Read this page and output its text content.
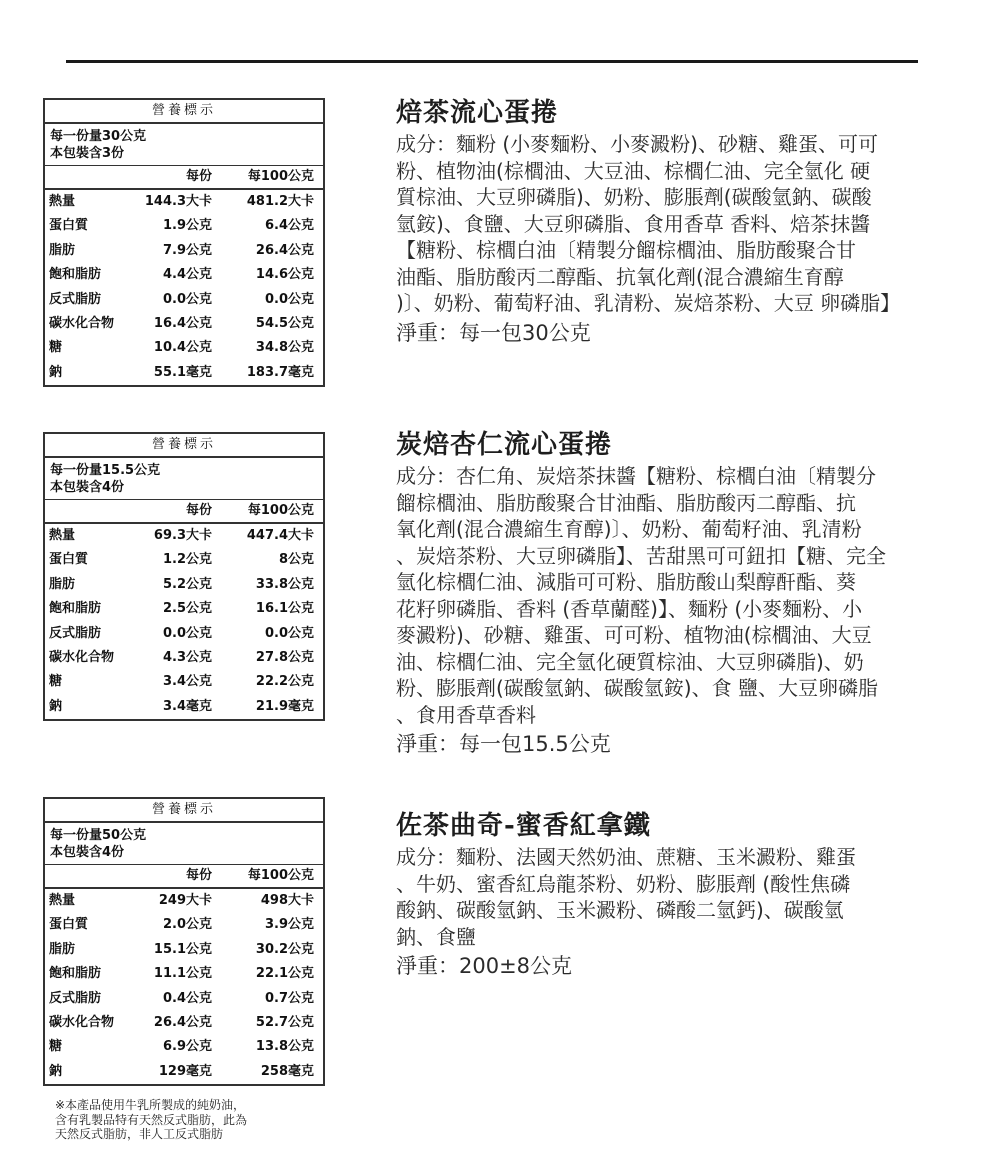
營養標示
每一份量30公克
本包裝含3份
每份	每100公克
熱量	144.3大卡	481.2大卡
蛋白質	1.9公克	6.4公克
脂肪	7.9公克	26.4公克
飽和脂肪	4.4公克	14.6公克
反式脂肪	0.0公克	0.0公克
碳水化合物	16.4公克	54.5公克
糖	10.4公克	34.8公克
鈉	55.1毫克	183.7毫克
營養標示
每一份量15.5公克
本包裝含4份
每份	每100公克
熱量	69.3大卡	447.4大卡
蛋白質	1.2公克	8公克
脂肪	5.2公克	33.8公克
飽和脂肪	2.5公克	16.1公克
反式脂肪	0.0公克	0.0公克
碳水化合物	4.3公克	27.8公克
糖	3.4公克	22.2公克
鈉	3.4毫克	21.9毫克
營養標示
每一份量50公克
本包裝含4份
每份	每100公克
熱量	249大卡	498大卡
蛋白質	2.0公克	3.9公克
脂肪	15.1公克	30.2公克
飽和脂肪	11.1公克	22.1公克
反式脂肪	0.4公克	0.7公克
碳水化合物	26.4公克	52.7公克
糖	6.9公克	13.8公克
鈉	129毫克	258毫克
焙茶流心蛋捲
成分：麵粉 (小麥麵粉、小麥澱粉)、砂糖、雞蛋、可可
粉、植物油(棕櫚油、大豆油、棕櫚仁油、完全氫化 硬
質棕油、大豆卵磷脂)、奶粉、膨脹劑(碳酸氫鈉、碳酸
氫銨)、食鹽、大豆卵磷脂、食用香草 香料、焙茶抹醬
【糖粉、棕櫚白油〔精製分餾棕櫚油、脂肪酸聚合甘
油酯、脂肪酸丙二醇酯、抗氧化劑(混合濃縮生育醇
)〕、奶粉、葡萄籽油、乳清粉、炭焙茶粉、大豆 卵磷脂】
淨重：每一包30公克
炭焙杏仁流心蛋捲
成分：杏仁角、炭焙茶抹醬【糖粉、棕櫚白油〔精製分
餾棕櫚油、脂肪酸聚合甘油酯、脂肪酸丙二醇酯、抗
氧化劑(混合濃縮生育醇)〕、奶粉、葡萄籽油、乳清粉
、炭焙茶粉、大豆卵磷脂】、苦甜黑可可鈕扣【糖、完全
氫化棕櫚仁油、減脂可可粉、脂肪酸山梨醇酐酯、葵
花籽卵磷脂、香料 (香草蘭醛)】、麵粉 (小麥麵粉、小
麥澱粉)、砂糖、雞蛋、可可粉、植物油(棕櫚油、大豆
油、棕櫚仁油、完全氫化硬質棕油、大豆卵磷脂)、奶
粉、膨脹劑(碳酸氫鈉、碳酸氫銨)、食 鹽、大豆卵磷脂
、食用香草香料
淨重：每一包15.5公克
佐茶曲奇-蜜香紅拿鐵
成分：麵粉、法國天然奶油、蔗糖、玉米澱粉、雞蛋
、牛奶、蜜香紅烏龍茶粉、奶粉、膨脹劑 (酸性焦磷
酸鈉、碳酸氫鈉、玉米澱粉、磷酸二氫鈣)、碳酸氫
鈉、食鹽
淨重：200±8公克
※本產品使用牛乳所製成的純奶油，
含有乳製品特有天然反式脂肪，此為
天然反式脂肪，非人工反式脂肪
